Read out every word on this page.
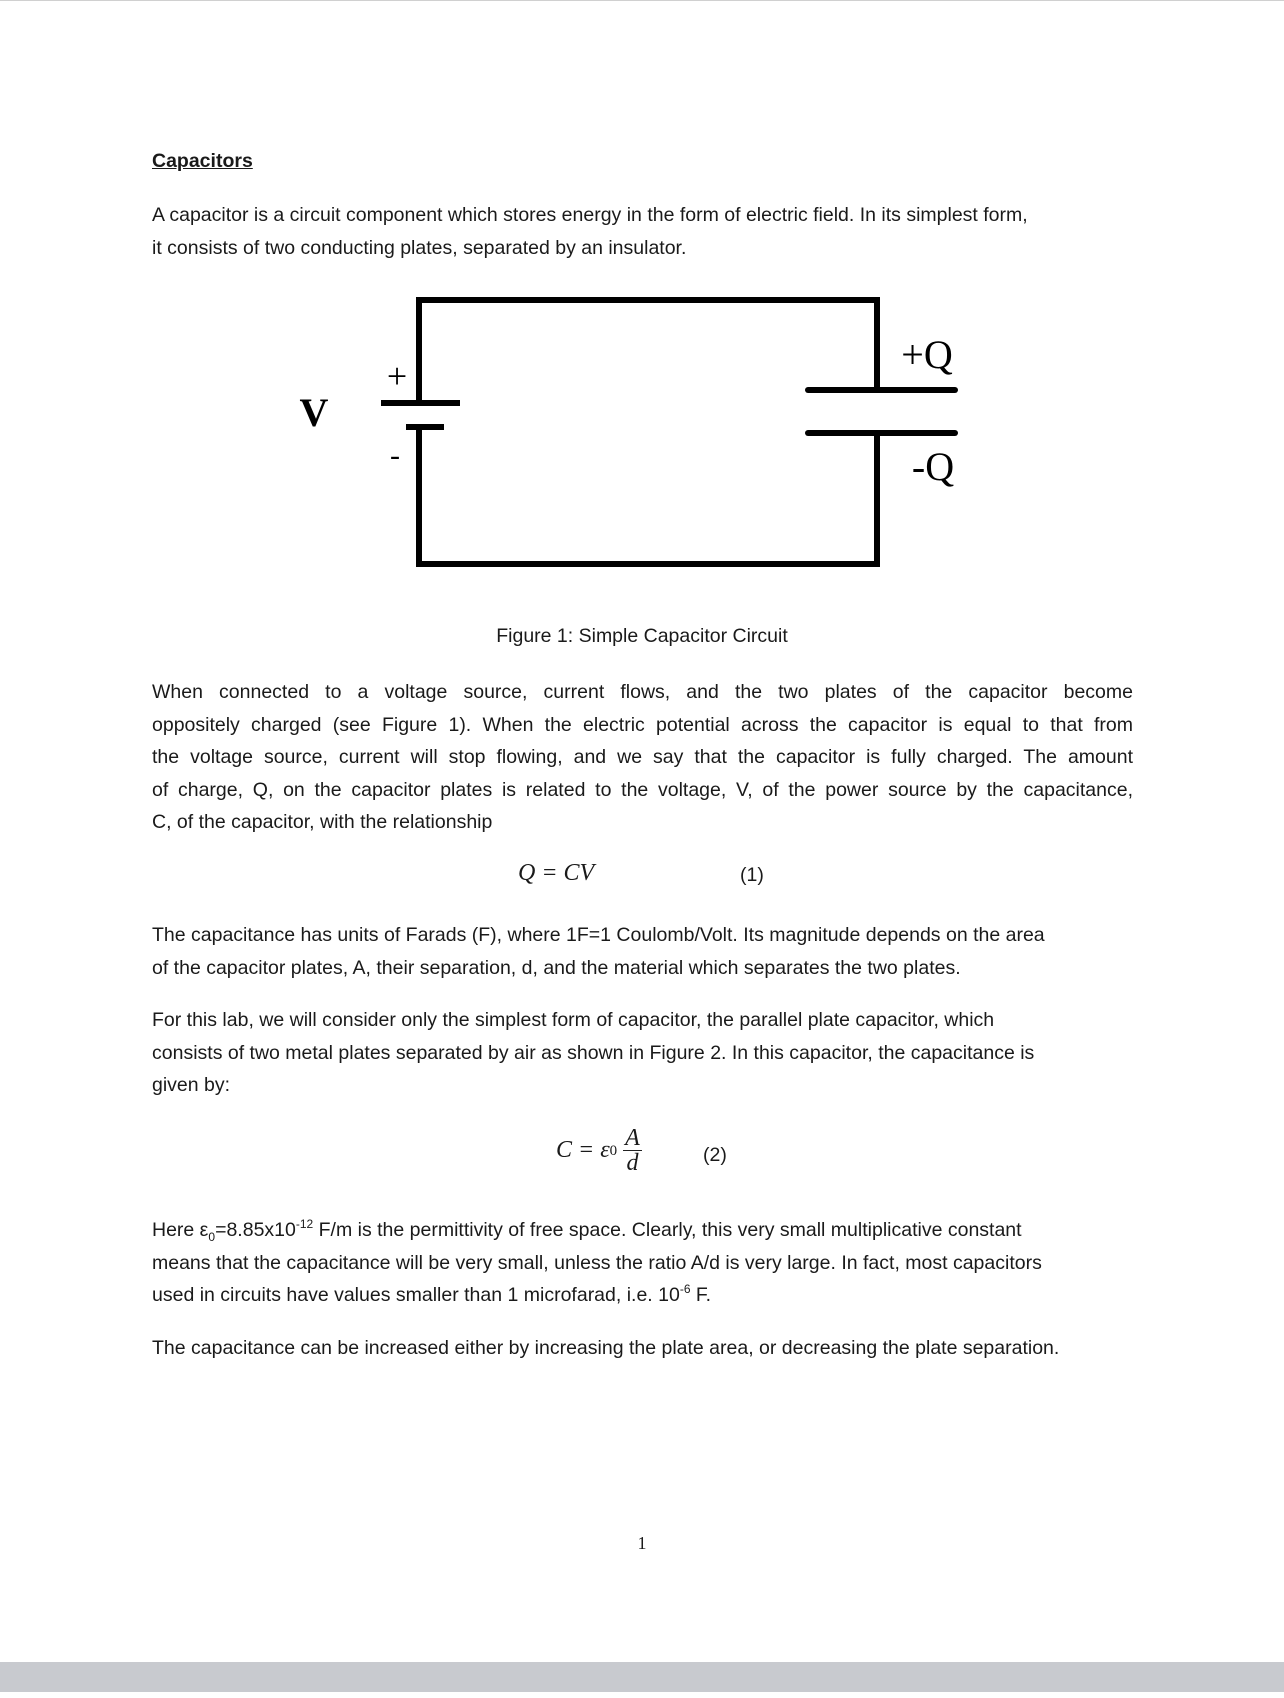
Capacitors
A capacitor is a circuit component which stores energy in the form of electric field. In its simplest form,
it consists of two conducting plates, separated by an insulator.
V
+
-
+Q
-Q
Figure 1: Simple Capacitor Circuit
When connected to a voltage source, current flows, and the two plates of the capacitor become
oppositely charged (see Figure 1). When the electric potential across the capacitor is equal to that from
the voltage source, current will stop flowing, and we say that the capacitor is fully charged. The amount
of charge, Q, on the capacitor plates is related to the voltage, V, of the power source by the capacitance,
C, of the capacitor, with the relationship
Q = CV	(1)
The capacitance has units of Farads (F), where 1F=1 Coulomb/Volt. Its magnitude depends on the area
of the capacitor plates, A, their separation, d, and the material which separates the two plates.
For this lab, we will consider only the simplest form of capacitor, the parallel plate capacitor, which
consists of two metal plates separated by air as shown in Figure 2. In this capacitor, the capacitance is
given by:
C = ε $0 \frac{A}{d}$	(2)
Here $\varepsilon_0=8.85x10^{-12}$ F/m is the permittivity of free space. Clearly, this very small multiplicative constant
means that the capacitance will be very small, unless the ratio A/d is very large. In fact, most capacitors
used in circuits have values smaller than 1 microfarad, i.e. $10^{-6}$ F.
The capacitance can be increased either by increasing the plate area, or decreasing the plate separation.
1
